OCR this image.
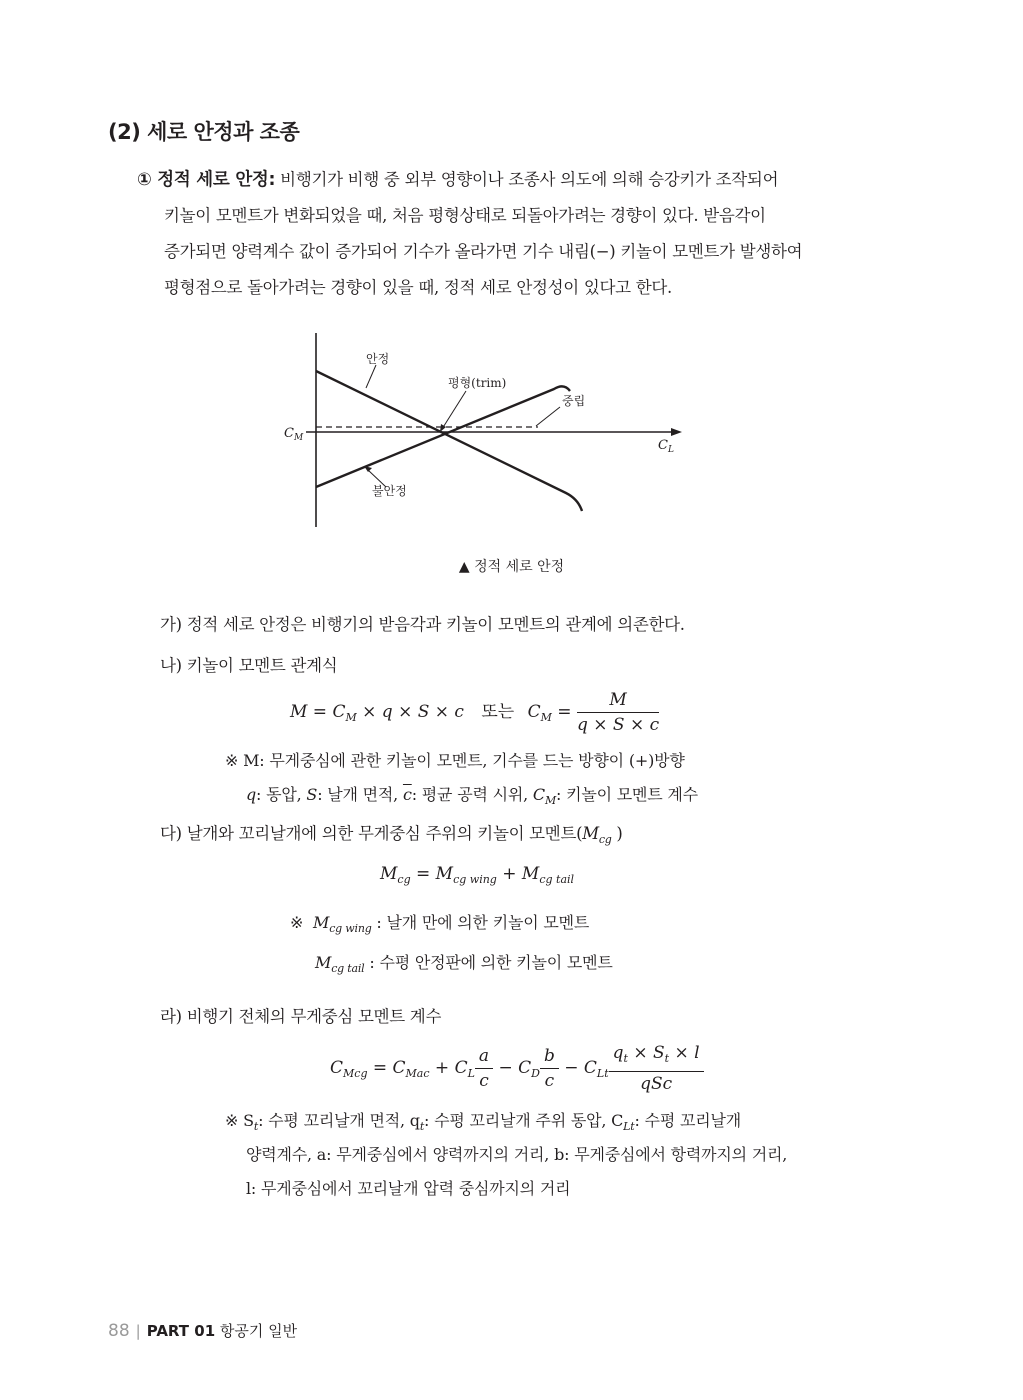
(2) 세로 안정과 조종
① 정적 세로 안정: 비행기가 비행 중 외부 영향이나 조종사 의도에 의해 승강키가 조작되어
키놀이 모멘트가 변화되었을 때, 처음 평형상태로 되돌아가려는 경향이 있다. 받음각이
증가되면 양력계수 값이 증가되어 기수가 올라가면 기수 내림(−) 키놀이 모멘트가 발생하여
평형점으로 돌아가려는 경향이 있을 때, 정적 세로 안정성이 있다고 한다.
안정
평형(trim)
중립
불안정
$C_M$	$C_L$
▲ 정적 세로 안정
가) 정적 세로 안정은 비행기의 받음각과 키놀이 모멘트의 관계에 의존한다.
나) 키놀이 모멘트 관계식
$M = C_M \times q \times S \times c$ 또는 $C_M = \frac{M}{q \times S \times c}$
※ M: 무게중심에 관한 키놀이 모멘트, 기수를 드는 방향이 (+)방향
q: 동압, S: 날개 면적, $\overline{c}$: 평균 공력 시위, $C_M$: 키놀이 모멘트 계수
다) 날개와 꼬리날개에 의한 무게중심 주위의 키놀이 모멘트($M_{cg}$ )
$M_{cg} = M_{cg wing} + M_{cg tail}$
※ $M_{cg wing}$ : 날개 만에 의한 키놀이 모멘트
$M_{cg tail}$ : 수평 안정판에 의한 키놀이 모멘트
라) 비행기 전체의 무게중심 모멘트 계수
$C_{Mcg} = C_{Mac} + C_L \frac{a}{c} - C_D \frac{b}{c} - C_{Lt} \frac{q_t \times S_t \times l}{\text{qSc}}$
※ $S_t$: 수평 꼬리날개 면적, $q_t$: 수평 꼬리날개 주위 동압, $C_{Lt}$: 수평 꼬리날개
양력계수, a: 무게중심에서 양력까지의 거리, b: 무게중심에서 항력까지의 거리,
l: 무게중심에서 꼬리날개 압력 중심까지의 거리
88 | PART 01 항공기 일반
